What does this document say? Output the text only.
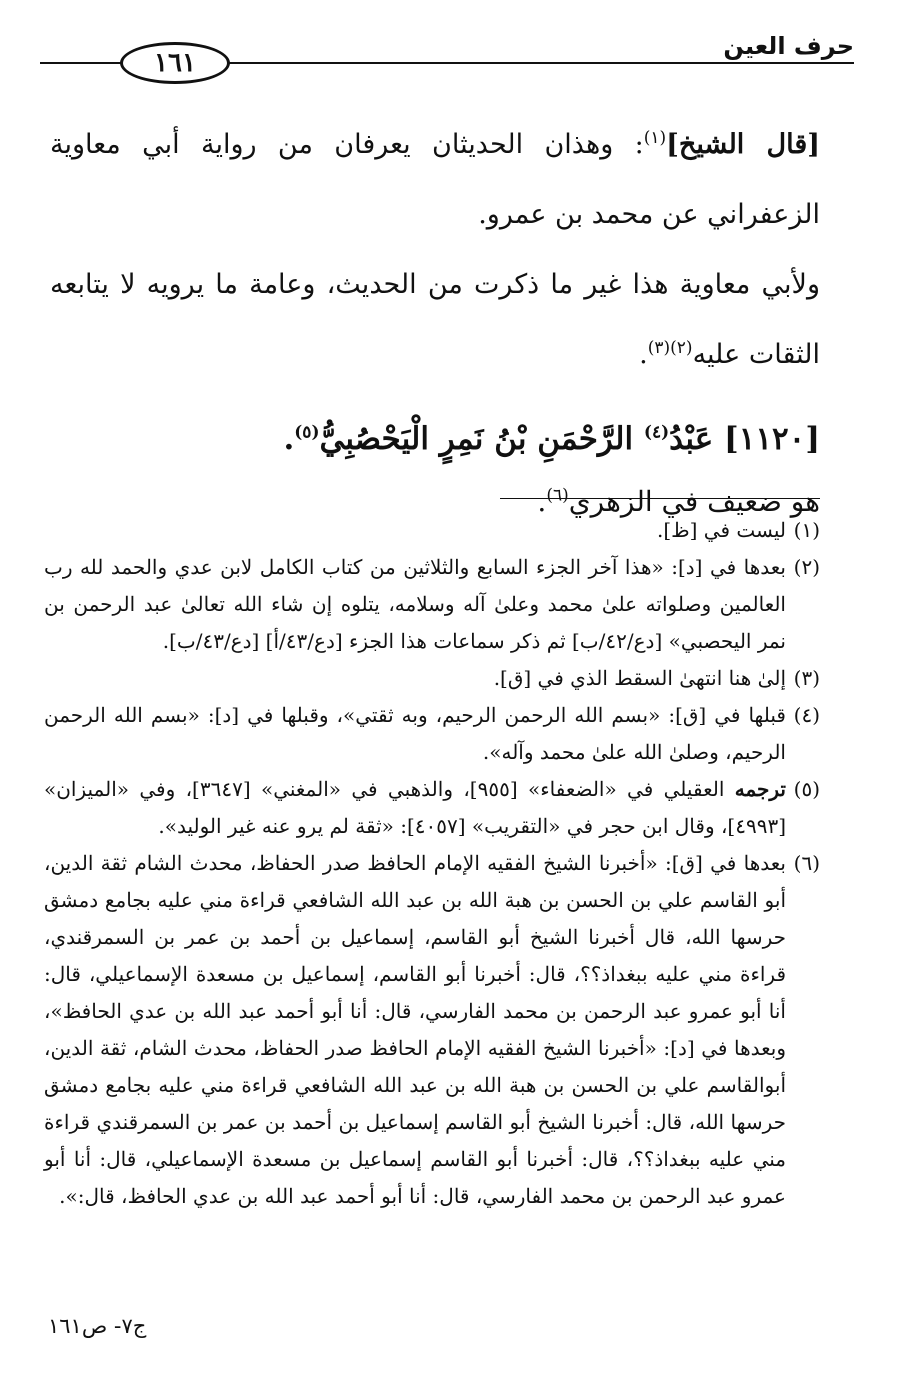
حرف العين
١٦١

[قال الشيخ]$^{(١)}$: وهذان الحديثان يعرفان من رواية أبي معاوية الزعفراني عن محمد بن عمرو.

ولأبي معاوية هذا غير ما ذكرت من الحديث، وعامة ما يرويه لا يتابعه الثقات عليه$^{(٢)(٣)}$.

[١١٢٠] عَبْدُ$^{(٤)}$ الرَّحْمَنِ بْنُ نَمِرٍ الْيَحْصُبِيُّ$^{(٥)}$.

هو ضعيف في الزهري$^{(٦)}$.

(١)
ليست في [ظ].

(٢)
بعدها في [د]: «هذا آخر الجزء السابع والثلاثين من كتاب الكامل لابن عدي والحمد لله رب العالمين وصلواته علىٰ محمد وعلىٰ آله وسلامه، يتلوه إن شاء الله تعالىٰ عبد الرحمن بن نمر اليحصبي» [دع/٤٢/ب] ثم ذكر سماعات هذا الجزء [دع/٤٣/أ] [دع/٤٣/ب].

(٣)
إلىٰ هنا انتهىٰ السقط الذي في [ق].

(٤)
قبلها في [ق]: «بسم الله الرحمن الرحيم، وبه ثقتي»، وقبلها في [د]: «بسم الله الرحمن الرحيم، وصلىٰ الله علىٰ محمد وآله».

(٥)
ترجمه العقيلي في «الضعفاء» [٩٥٥]، والذهبي في «المغني» [٣٦٤٧]، وفي «الميزان» [٤٩٩٣]، وقال ابن حجر في «التقريب» [٤٠٥٧]: «ثقة لم يرو عنه غير الوليد».

(٦)
بعدها في [ق]: «أخبرنا الشيخ الفقيه الإمام الحافظ صدر الحفاظ، محدث الشام ثقة الدين، أبو القاسم علي بن الحسن بن هبة الله بن عبد الله الشافعي قراءة مني عليه بجامع دمشق حرسها الله، قال أخبرنا الشيخ أبو القاسم، إسماعيل بن أحمد بن عمر بن السمرقندي، قراءة مني عليه ببغداذ؟؟، قال: أخبرنا أبو القاسم، إسماعيل بن مسعدة الإسماعيلي، قال: أنا أبو عمرو عبد الرحمن بن محمد الفارسي، قال: أنا أبو أحمد عبد الله بن عدي الحافظ»، وبعدها في [د]: «أخبرنا الشيخ الفقيه الإمام الحافظ صدر الحفاظ، محدث الشام، ثقة الدين، أبوالقاسم علي بن الحسن بن هبة الله بن عبد الله الشافعي قراءة مني عليه بجامع دمشق حرسها الله، قال: أخبرنا الشيخ أبو القاسم إسماعيل بن أحمد بن عمر بن السمرقندي قراءة مني عليه ببغداذ؟؟، قال: أخبرنا أبو القاسم إسماعيل بن مسعدة الإسماعيلي، قال: أنا أبو عمرو عبد الرحمن بن محمد الفارسي، قال: أنا أبو أحمد عبد الله بن عدي الحافظ، قال:».

ج٧- ص١٦١
